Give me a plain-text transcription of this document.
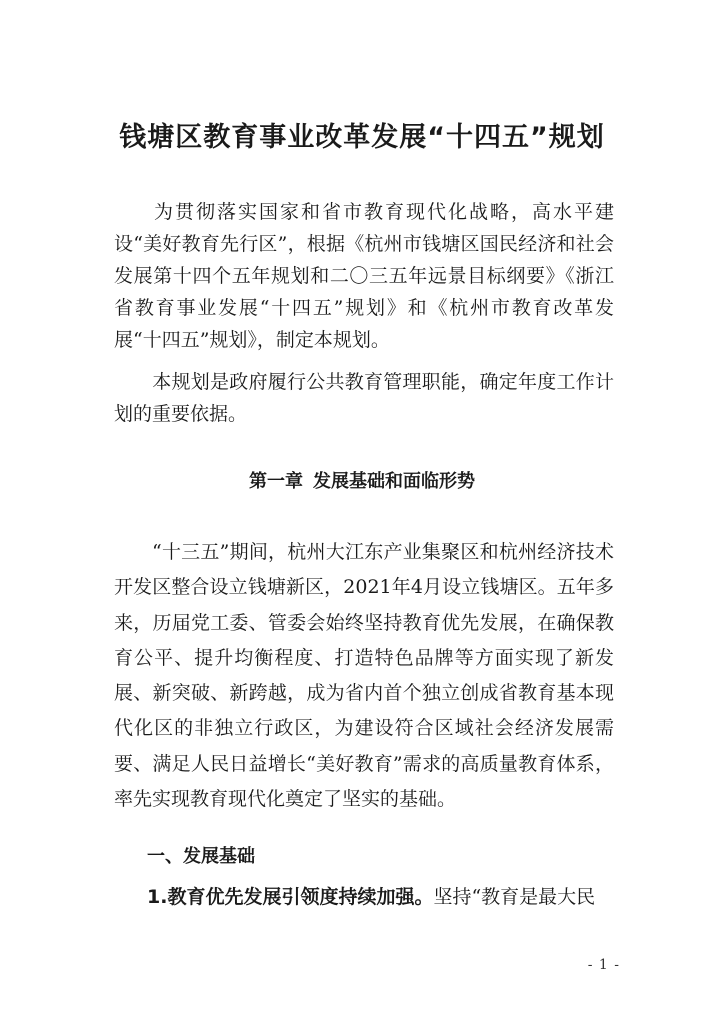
钱塘区教育事业改革发展“十四五”规划

为贯彻落实国家和省市教育现代化战略，高水平建设“美好教育先行区”，根据《杭州市钱塘区国民经济和社会发展第十四个五年规划和二〇三五年远景目标纲要》《浙江省教育事业发展“十四五”规划》和《杭州市教育改革发展“十四五”规划》，制定本规划。

本规划是政府履行公共教育管理职能，确定年度工作计划的重要依据。

第一章 发展基础和面临形势

“十三五”期间，杭州大江东产业集聚区和杭州经济技术开发区整合设立钱塘新区，2021年4月设立钱塘区。五年多来，历届党工委、管委会始终坚持教育优先发展，在确保教育公平、提升均衡程度、打造特色品牌等方面实现了新发展、新突破、新跨越，成为省内首个独立创成省教育基本现代化区的非独立行政区，为建设符合区域社会经济发展需要、满足人民日益增长“美好教育”需求的高质量教育体系，率先实现教育现代化奠定了坚实的基础。

一、发展基础

1.教育优先发展引领度持续加强。坚持“教育是最大民

- 1 -
